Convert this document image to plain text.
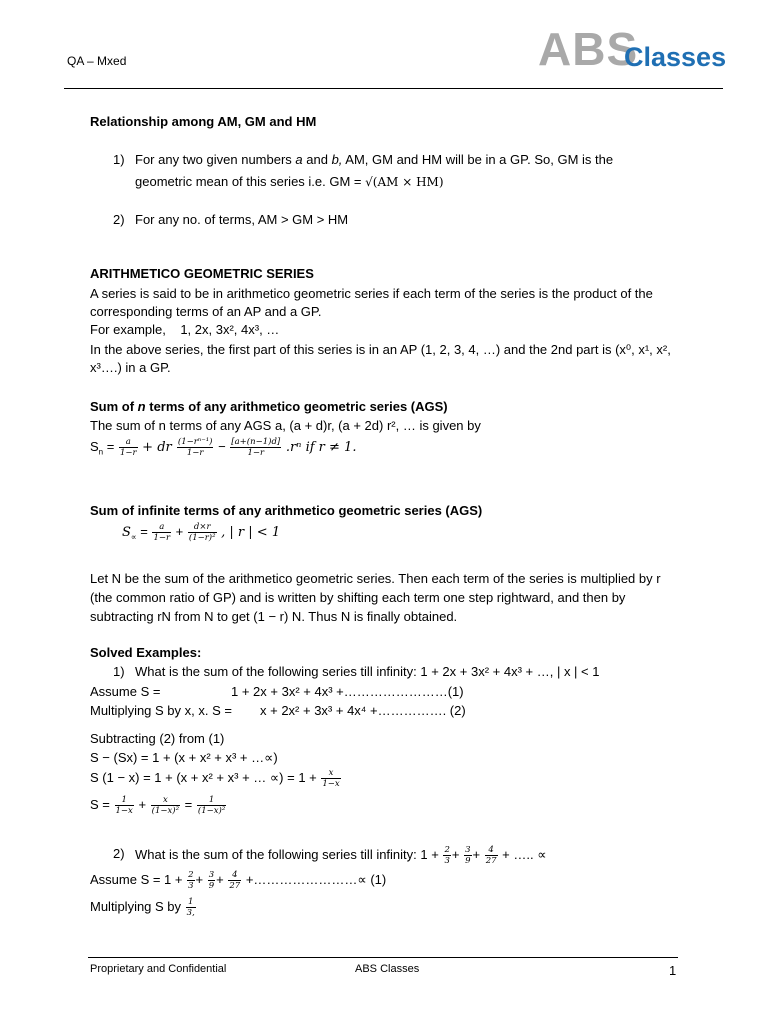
QA – Mxed	ABS
Classes
Relationship among AM, GM and HM
1) For any two given numbers a and b, AM, GM and HM will be in a GP. So, GM is the
geometric mean of this series i.e. GM = √(AM × HM)
2) For any no. of terms, AM > GM > HM
ARITHMETICO GEOMETRIC SERIES
A series is said to be in arithmetico geometric series if each term of the series is the product of the corresponding terms of an AP and a GP.
For example, 1, 2x, 3x², 4x³, …
In the above series, the first part of this series is in an AP (1, 2, 3, 4, …) and the 2nd part is (x⁰, x¹, x², x³….) in a GP.
Sum of n terms of any arithmetico geometric series (AGS)
The sum of n terms of any AGS a, (a + d)r, (a + 2d) r², … is given by
$S_n = \frac{a}{1-r}$ + dr $\frac{\text{(1−rⁿ⁻¹)}}{1-r} - \frac{[a+(n-1)d]}{1-r} .r^n$ if r ≠ 1.
Sum of infinite terms of any arithmetico geometric series (AGS)
$S_\propto = \frac{a}{1-r} + \frac{d\times r}{\text{(1−r)²}}$ , | r | < 1
Let N be the sum of the arithmetico geometric series. Then each term of the series is multiplied by r (the common ratio of GP) and is written by shifting each term one step rightward, and then by subtracting rN from N to get (1 − r) N. Thus N is finally obtained.
Solved Examples:
1) What is the sum of the following series till infinity: 1 + 2x + 3x² + 4x³ + …, | x | < 1
Assume S =	1 + 2x + 3x² + 4x³ +……………………(1)
Multiplying S by x, x. S = x + 2x² + 3x³ + 4x⁴ +……………. (2)
Subtracting (2) from (1)
S − (Sx) = 1 + (x + x² + x³ + …∝)
S (1 − x) = 1 + (x + x² + x³ + … ∝) = $1 + \frac{x}{1-x}$
$S = \frac{1}{1-x} + \frac{x}{\text{(1−x)²}} = \frac{1}{\text{(1−x)²}}$
2) What is the sum of the following series till infinity: $1 + \frac{2}{3} + \frac{3}{9} + \frac{4}{27}$ + ….. ∝
Assume $S = 1 + \frac{2}{3} + \frac{3}{9} + \frac{4}{27}$ +……………………∝ (1)
Multiplying S by $\frac{1}{3,}$
Proprietary and Confidential	ABS Classes	1
